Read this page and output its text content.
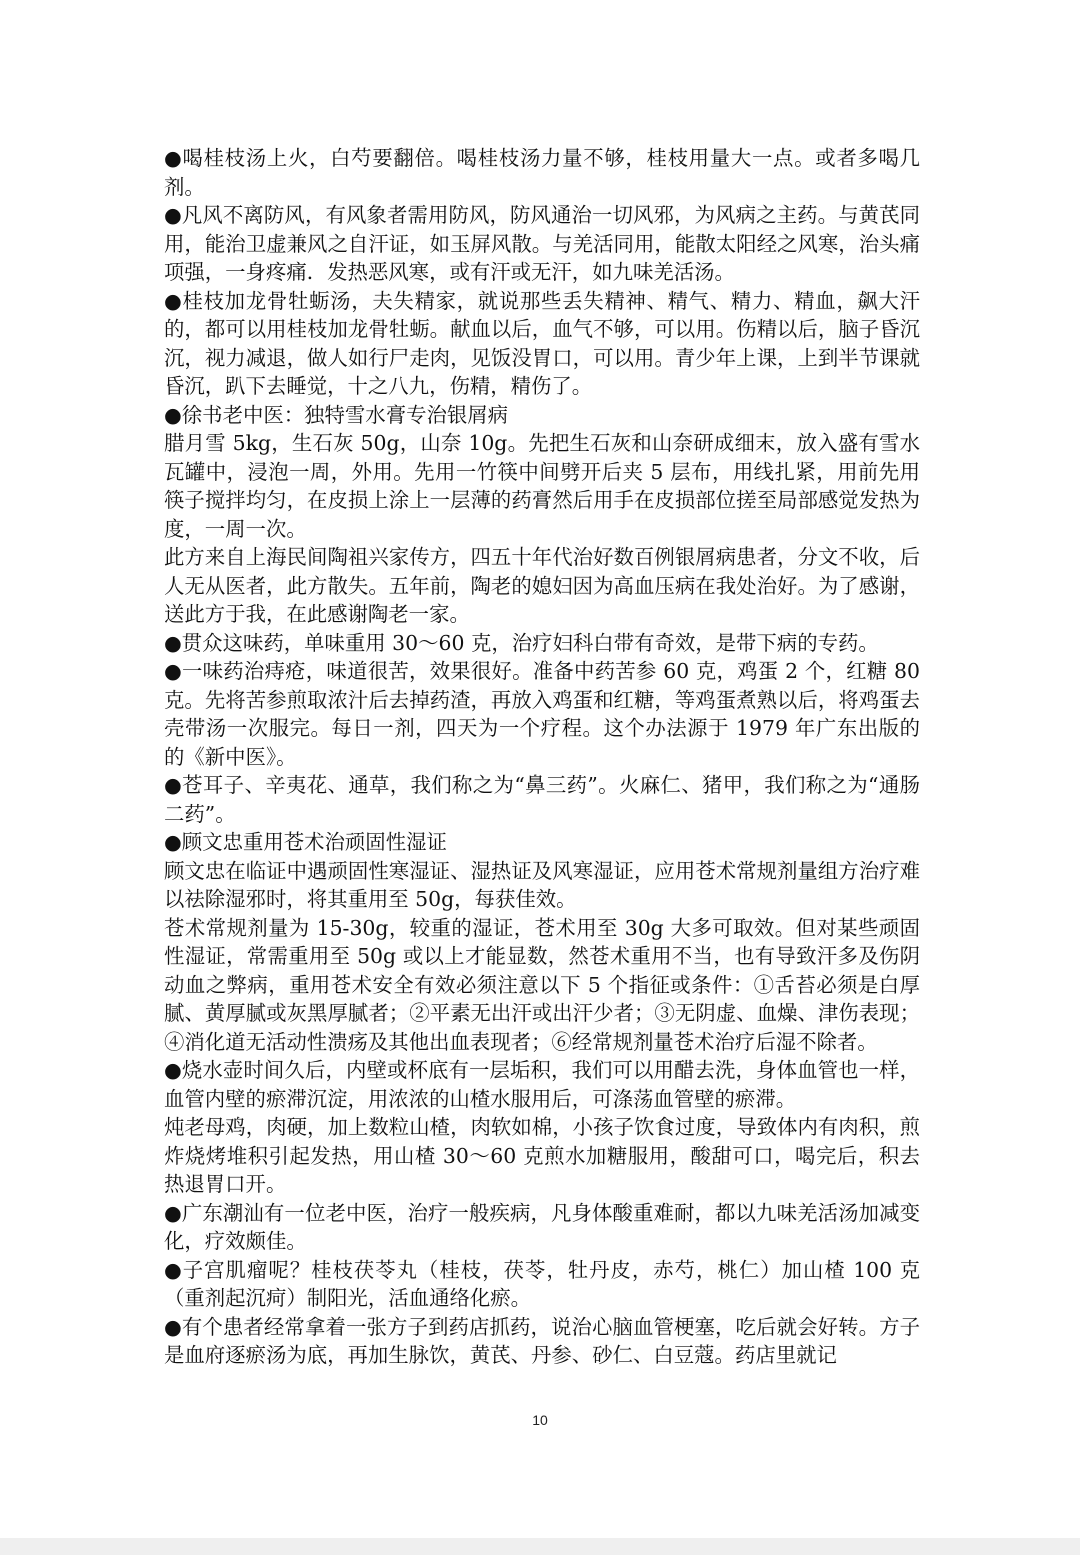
●喝桂枝汤上火，白芍要翻倍。喝桂枝汤力量不够，桂枝用量大一点。或者多喝几剂。

●凡风不离防风，有风象者需用防风，防风通治一切风邪，为风病之主药。与黄芪同用，能治卫虚兼风之自汗证，如玉屏风散。与羌活同用，能散太阳经之风寒，治头痛项强，一身疼痛．发热恶风寒，或有汗或无汗，如九味羌活汤。

●桂枝加龙骨牡蛎汤，夫失精家，就说那些丢失精神、精气、精力、精血，飙大汗的，都可以用桂枝加龙骨牡蛎。献血以后，血气不够，可以用。伤精以后，脑子昏沉沉，视力减退，做人如行尸走肉，见饭没胃口，可以用。青少年上课，上到半节课就昏沉，趴下去睡觉，十之八九，伤精，精伤了。

●徐书老中医：独特雪水膏专治银屑病

腊月雪 5kg，生石灰 50g，山奈 10g。先把生石灰和山奈研成细末，放入盛有雪水瓦罐中，浸泡一周，外用。先用一竹筷中间劈开后夹 5 层布，用线扎紧，用前先用筷子搅拌均匀，在皮损上涂上一层薄的药膏然后用手在皮损部位搓至局部感觉发热为度，一周一次。

此方来自上海民间陶祖兴家传方，四五十年代治好数百例银屑病患者，分文不收，后人无从医者，此方散失。五年前，陶老的媳妇因为高血压病在我处治好。为了感谢，送此方于我，在此感谢陶老一家。

●贯众这味药，单味重用 30～60 克，治疗妇科白带有奇效，是带下病的专药。

●一味药治痔疮，味道很苦，效果很好。准备中药苦参 60 克，鸡蛋 2 个，红糖 80 克。先将苦参煎取浓汁后去掉药渣，再放入鸡蛋和红糖，等鸡蛋煮熟以后，将鸡蛋去壳带汤一次服完。每日一剂，四天为一个疗程。这个办法源于 1979 年广东出版的的《新中医》。

●苍耳子、辛夷花、通草，我们称之为“鼻三药”。火麻仁、猪甲，我们称之为“通肠二药”。

●顾文忠重用苍术治顽固性湿证

顾文忠在临证中遇顽固性寒湿证、湿热证及风寒湿证，应用苍术常规剂量组方治疗难以祛除湿邪时，将其重用至 50g，每获佳效。

苍术常规剂量为 15-30g，较重的湿证，苍术用至 30g 大多可取效。但对某些顽固性湿证，常需重用至 50g 或以上才能显数，然苍术重用不当，也有导致汗多及伤阴动血之弊病，重用苍术安全有效必须注意以下 5 个指征或条件：①舌苔必须是白厚腻、黄厚腻或灰黑厚腻者；②平素无出汗或出汗少者；③无阴虚、血燥、津伤表现；④消化道无活动性溃疡及其他出血表现者；⑥经常规剂量苍术治疗后湿不除者。

●烧水壶时间久后，内壁或杯底有一层垢积，我们可以用醋去洗，身体血管也一样，血管内壁的瘀滞沉淀，用浓浓的山楂水服用后，可涤荡血管壁的瘀滞。

炖老母鸡，肉硬，加上数粒山楂，肉软如棉，小孩子饮食过度，导致体内有肉积，煎炸烧烤堆积引起发热，用山楂 30～60 克煎水加糖服用，酸甜可口，喝完后，积去热退胃口开。

●广东潮汕有一位老中医，治疗一般疾病，凡身体酸重难耐，都以九味羌活汤加减变化，疗效颇佳。

●子宫肌瘤呢？桂枝茯苓丸（桂枝，茯苓，牡丹皮，赤芍，桃仁）加山楂 100 克（重剂起沉疴）制阳光，活血通络化瘀。

●有个患者经常拿着一张方子到药店抓药，说治心脑血管梗塞，吃后就会好转。方子是血府逐瘀汤为底，再加生脉饮，黄芪、丹参、砂仁、白豆蔻。药店里就记

10
